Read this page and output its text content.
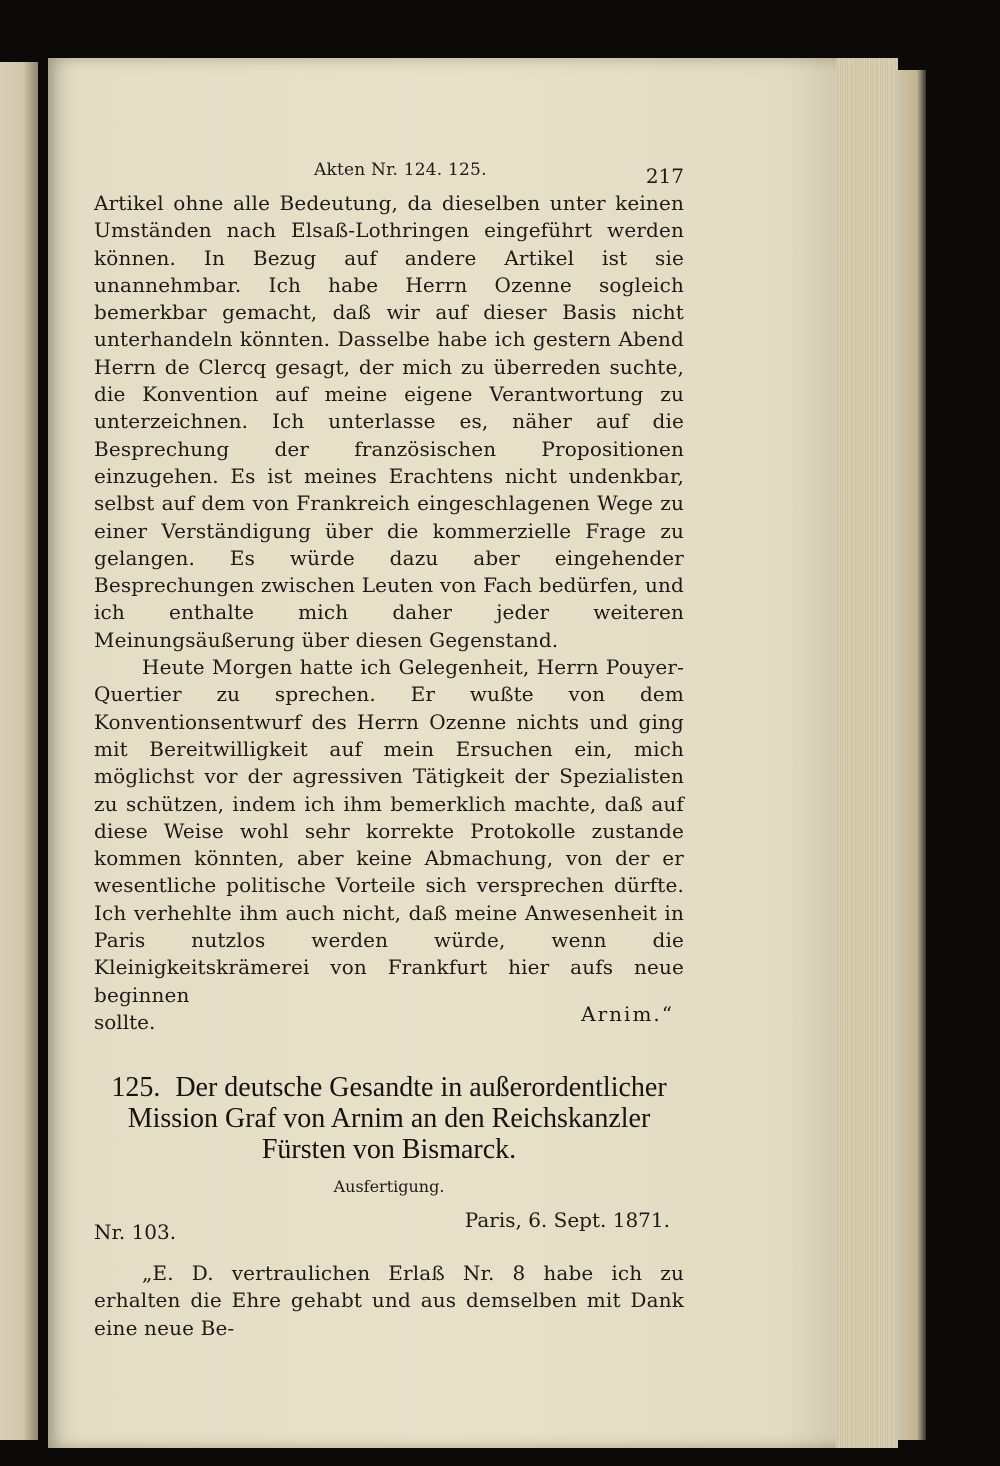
Akten Nr. 124. 125.	217

Artikel ohne alle Bedeutung, da dieselben unter keinen Umständen nach Elsaß-Lothringen eingeführt werden können. In Bezug auf andere Artikel ist sie unannehmbar. Ich habe Herrn Ozenne sogleich bemerkbar gemacht, daß wir auf dieser Basis nicht unterhandeln könnten. Dasselbe habe ich gestern Abend Herrn de Clercq gesagt, der mich zu überreden suchte, die Konvention auf meine eigene Verantwortung zu unterzeichnen. Ich unterlasse es, näher auf die Besprechung der französischen Propositionen einzugehen. Es ist meines Erachtens nicht undenkbar, selbst auf dem von Frankreich eingeschlagenen Wege zu einer Verständigung über die kommerzielle Frage zu gelangen. Es würde dazu aber eingehender Besprechungen zwischen Leuten von Fach bedürfen, und ich enthalte mich daher jeder weiteren Meinungsäußerung über diesen Gegenstand.

Heute Morgen hatte ich Gelegenheit, Herrn Pouyer-Quertier zu sprechen. Er wußte von dem Konventionsentwurf des Herrn Ozenne nichts und ging mit Bereitwilligkeit auf mein Ersuchen ein, mich möglichst vor der agressiven Tätigkeit der Spezialisten zu schützen, indem ich ihm bemerklich machte, daß auf diese Weise wohl sehr korrekte Protokolle zustande kommen könnten, aber keine Abmachung, von der er wesentliche politische Vorteile sich versprechen dürfte. Ich verhehlte ihm auch nicht, daß meine Anwesenheit in Paris nutzlos werden würde, wenn die Kleinigkeitskrämerei von Frankfurt hier aufs neue beginnen

sollte.	Arnim.“
125. Der deutsche Gesandte in außerordentlicher Mission Graf von Arnim an den Reichskanzler Fürsten von Bismarck.
Ausfertigung.
Nr. 103.	Paris, 6. Sept. 1871.

„E. D. vertraulichen Erlaß Nr. 8 habe ich zu erhalten die Ehre gehabt und aus demselben mit Dank eine neue Be-
